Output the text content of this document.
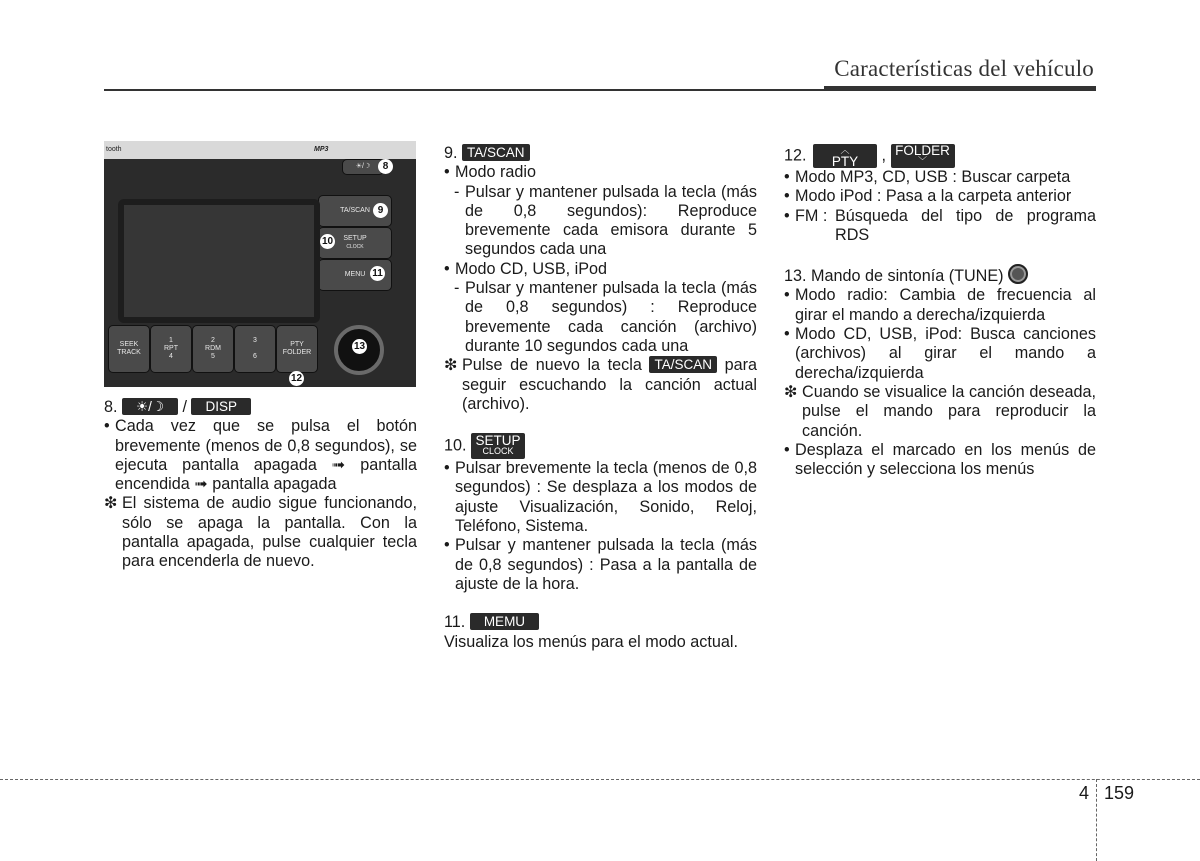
Características del vehículo
tooth	MP3
☀/☽	8
TA/SCAN 9
SETUP
CLOCK
10
MENU 11
SEEK TRACK
1
RPT
4
2
RDM
5
3
6
PTY FOLDER
12
13
8. ☀/☽ / DISP
• Cada vez que se pulsa el botón brevemente (menos de 0,8 segundos), se ejecuta pantalla apagada ➟ pantalla encendida ➟ pantalla apagada
❇ El sistema de audio sigue funcionando, sólo se apaga la pantalla. Con la pantalla apagada, pulse cualquier tecla para encenderla de nuevo.
9. TA/SCAN
• Modo radio
- Pulsar y mantener pulsada la tecla (más de 0,8 segundos): Reproduce brevemente cada emisora durante 5 segundos cada una
• Modo CD, USB, iPod
- Pulsar y mantener pulsada la tecla (más de 0,8 segundos) : Reproduce brevemente cada canción (archivo) durante 10 segundos cada una
❇ Pulse de nuevo la tecla TA/SCAN para seguir escuchando la canción actual (archivo).
10. SETUP
CLOCK
• Pulsar brevemente la tecla (menos de 0,8 segundos) : Se desplaza a los modos de ajuste Visualización, Sonido, Reloj, Teléfono, Sistema.
• Pulsar y mantener pulsada la tecla (más de 0,8 segundos) : Pasa a la pantalla de ajuste de la hora.
11. MEMU
Visualiza los menús para el modo actual.
12.	︿
PTY , FOLDER
﹀
• Modo MP3, CD, USB : Buscar carpeta
• Modo iPod : Pasa a la carpeta anterior
• FM : Búsqueda del tipo de programa RDS
13. Mando de sintonía (TUNE)
• Modo radio: Cambia de frecuencia al girar el mando a derecha/izquierda
• Modo CD, USB, iPod: Busca canciones (archivos) al girar el mando a derecha/izquierda
❇ Cuando se visualice la canción deseada, pulse el mando para reproducir la canción.
• Desplaza el marcado en los menús de selección y selecciona los menús
4 159
